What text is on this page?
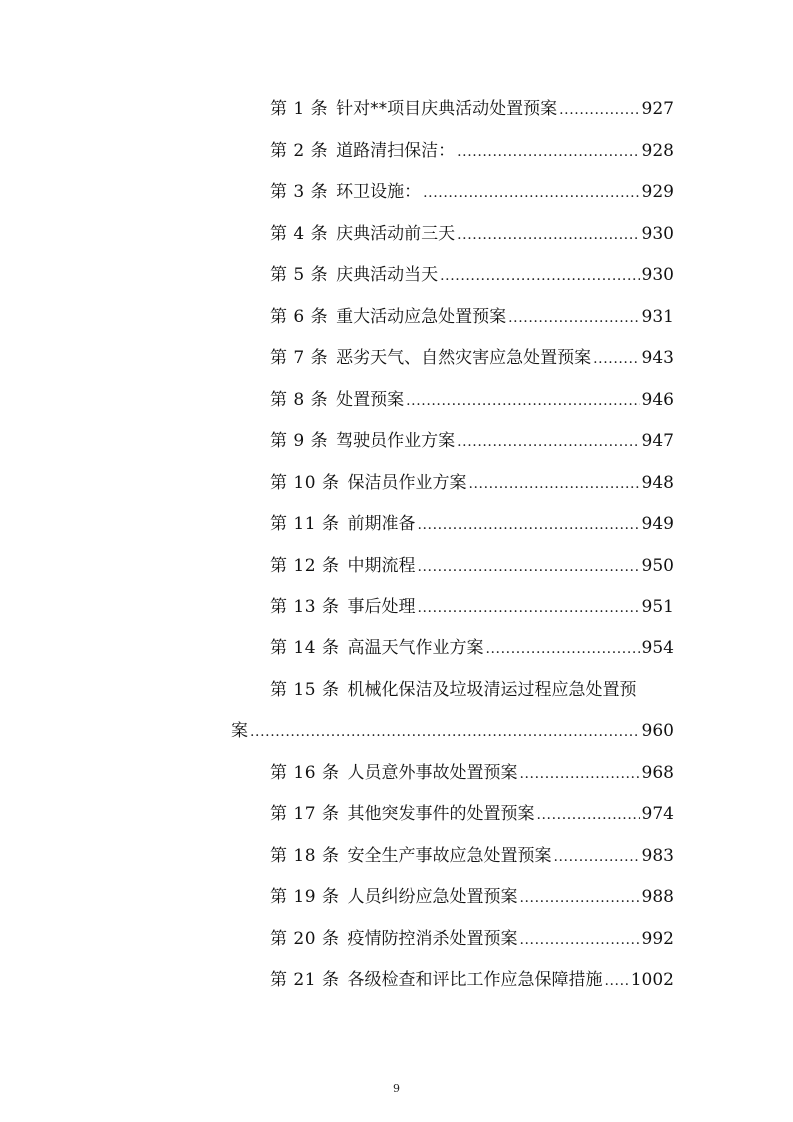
第 1 条 针对**项目庆典活动处置预案 .....	927
第 2 条 道路清扫保洁： .....	928
第 3 条 环卫设施： .....	929
第 4 条 庆典活动前三天 .....	930
第 5 条 庆典活动当天 .....	930
第 6 条 重大活动应急处置预案 .....	931
第 7 条 恶劣天气、自然灾害应急处置预案 .....	943
第 8 条 处置预案 .....	946
第 9 条 驾驶员作业方案 .....	947
第 10 条 保洁员作业方案 .....	948
第 11 条 前期准备 .....	949
第 12 条 中期流程 .....	950
第 13 条 事后处理 .....	951
第 14 条 高温天气作业方案 .....	954
第 15 条 机械化保洁及垃圾清运过程应急处置预
案 .....	960
第 16 条 人员意外事故处置预案 .....	968
第 17 条 其他突发事件的处置预案 .....	974
第 18 条 安全生产事故应急处置预案 .....	983
第 19 条 人员纠纷应急处置预案 .....	988
第 20 条 疫情防控消杀处置预案 .....	992
第 21 条 各级检查和评比工作应急保障措施 ..... 1002
9
